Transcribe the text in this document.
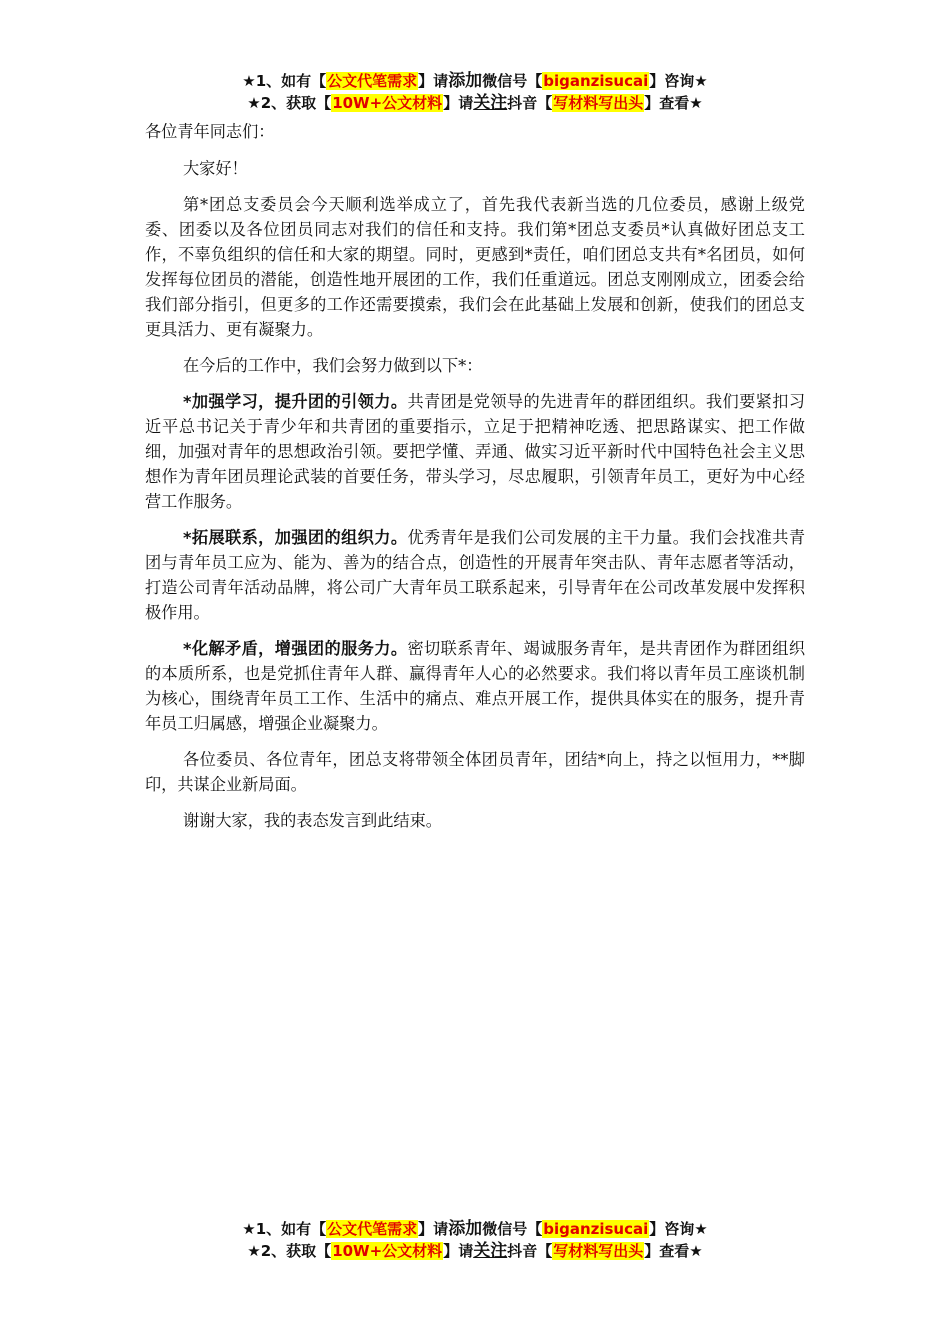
★1、如有【公文代笔需求】请添加微信号【biganzisucai】咨询★
★2、获取【10W+公文材料】请关注抖音【写材料写出头】查看★

各位青年同志们：

大家好！

第*团总支委员会今天顺利选举成立了，首先我代表新当选的几位委员，感谢上级党委、团委以及各位团员同志对我们的信任和支持。我们第*团总支委员*认真做好团总支工作，不辜负组织的信任和大家的期望。同时，更感到*责任，咱们团总支共有*名团员，如何发挥每位团员的潜能，创造性地开展团的工作，我们任重道远。团总支刚刚成立，团委会给我们部分指引，但更多的工作还需要摸索，我们会在此基础上发展和创新，使我们的团总支更具活力、更有凝聚力。

在今后的工作中，我们会努力做到以下*：

*加强学习，提升团的引领力。共青团是党领导的先进青年的群团组织。我们要紧扣习近平总书记关于青少年和共青团的重要指示，立足于把精神吃透、把思路谋实、把工作做细，加强对青年的思想政治引领。要把学懂、弄通、做实习近平新时代中国特色社会主义思想作为青年团员理论武装的首要任务，带头学习，尽忠履职，引领青年员工，更好为中心经营工作服务。

*拓展联系，加强团的组织力。优秀青年是我们公司发展的主干力量。我们会找准共青团与青年员工应为、能为、善为的结合点，创造性的开展青年突击队、青年志愿者等活动，打造公司青年活动品牌，将公司广大青年员工联系起来，引导青年在公司改革发展中发挥积极作用。

*化解矛盾，增强团的服务力。密切联系青年、竭诚服务青年，是共青团作为群团组织的本质所系，也是党抓住青年人群、赢得青年人心的必然要求。我们将以青年员工座谈机制为核心，围绕青年员工工作、生活中的痛点、难点开展工作，提供具体实在的服务，提升青年员工归属感，增强企业凝聚力。

各位委员、各位青年，团总支将带领全体团员青年，团结*向上，持之以恒用力，**脚印，共谋企业新局面。

谢谢大家，我的表态发言到此结束。

★1、如有【公文代笔需求】请添加微信号【biganzisucai】咨询★
★2、获取【10W+公文材料】请关注抖音【写材料写出头】查看★
